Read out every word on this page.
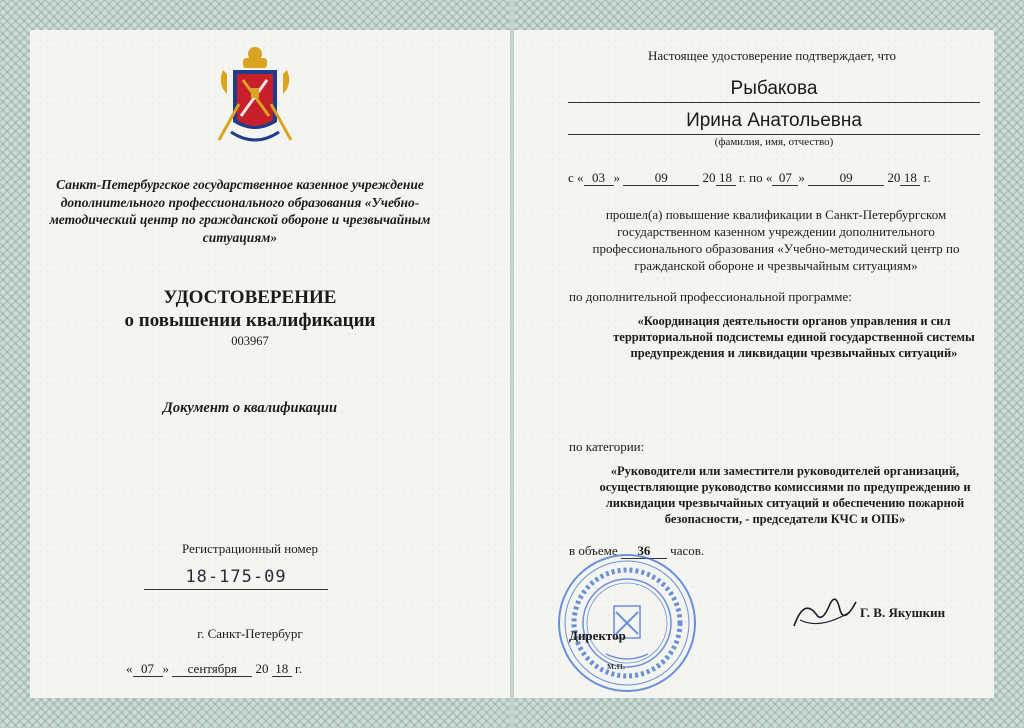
Санкт-Петербургское государственное казенное учреждение дополнительного профессионального образования «Учебно-методический центр по гражданской обороне и чрезвычайным ситуациям»
УДОСТОВЕРЕНИЕ
о повышении квалификации
003967
Документ о квалификации
Регистрационный номер
18-175-09
г. Санкт-Петербург
« 07 » сентября 20 18 г.
Настоящее удостоверение подтверждает, что
Рыбакова
Ирина Анатольевна
(фамилия, имя, отчество)
с « 03 »	09	20 18 г. по « 07 »	09	20 18 г.
прошел(а) повышение квалификации в Санкт-Петербургском государственном казенном учреждении дополнительного профессионального образования «Учебно-методический центр по гражданской обороне и чрезвычайным ситуациям»
по дополнительной профессиональной программе:
«Координация деятельности органов управления и сил территориальной подсистемы единой государственной системы предупреждения и ликвидации чрезвычайных ситуаций»
по категории:
«Руководители или заместители руководителей организаций, осуществляющие руководство комиссиями по предупреждению и ликвидации чрезвычайных ситуаций и обеспечению пожарной безопасности, - председатели КЧС и ОПБ»
в объеме 36 часов.
Директор
Г. В. Якушкин
м.п.
